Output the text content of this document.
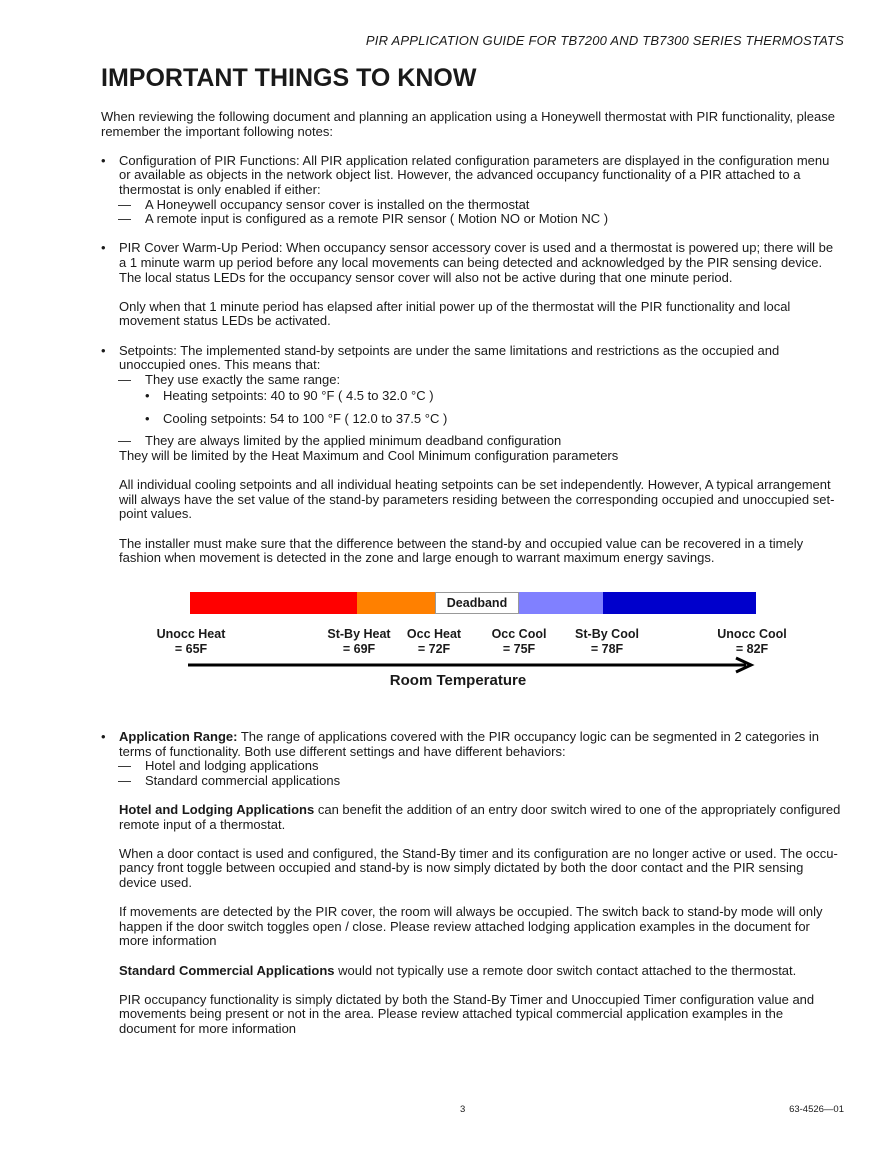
PIR APPLICATION GUIDE FOR TB7200 AND TB7300 SERIES THERMOSTATS
IMPORTANT THINGS TO KNOW

When reviewing the following document and planning an application using a Honeywell thermostat with PIR functionality, please remember the important following notes:

• Configuration of PIR Functions: All PIR application related configuration parameters are displayed in the configuration menu or available as objects in the network object list. However, the advanced occupancy functionality of a PIR attached to a thermostat is only enabled if either:
— A Honeywell occupancy sensor cover is installed on the thermostat
— A remote input is configured as a remote PIR sensor ( Motion NO or Motion NC )
• PIR Cover Warm-Up Period: When occupancy sensor accessory cover is used and a thermostat is powered up; there will be a 1 minute warm up period before any local movements can being detected and acknowledged by the PIR sensing device. The local status LEDs for the occupancy sensor cover will also not be active during that one minute period.
Only when that 1 minute period has elapsed after initial power up of the thermostat will the PIR functionality and local movement status LEDs be activated.
• Setpoints: The implemented stand-by setpoints are under the same limitations and restrictions as the occupied and unoccupied ones. This means that:
— They use exactly the same range:
• Heating setpoints: 40 to 90 °F ( 4.5 to 32.0 °C )
• Cooling setpoints: 54 to 100 °F ( 12.0 to 37.5 °C )
— They are always limited by the applied minimum deadband configuration
They will be limited by the Heat Maximum and Cool Minimum configuration parameters
All individual cooling setpoints and all individual heating setpoints can be set independently. However, A typical arrangement will always have the set value of the stand-by parameters residing between the corresponding occupied and unoccupied set-point values.
The installer must make sure that the difference between the stand-by and occupied value can be recovered in a timely fashion when movement is detected in the zone and large enough to warrant maximum energy savings.
Deadband
Unocc Heat
= 65F
St-By Heat
= 69F
Occ Heat
= 72F
Occ Cool
= 75F
St-By Cool
= 78F
Unocc Cool
= 82F
Room Temperature
• Application Range: The range of applications covered with the PIR occupancy logic can be segmented in 2 categories in terms of functionality. Both use different settings and have different behaviors:
— Hotel and lodging applications
— Standard commercial applications
Hotel and Lodging Applications can benefit the addition of an entry door switch wired to one of the appropriately configured remote input of a thermostat.
When a door contact is used and configured, the Stand-By timer and its configuration are no longer active or used. The occu-pancy front toggle between occupied and stand-by is now simply dictated by both the door contact and the PIR sensing device used.
If movements are detected by the PIR cover, the room will always be occupied. The switch back to stand-by mode will only happen if the door switch toggles open / close. Please review attached lodging application examples in the document for more information
Standard Commercial Applications would not typically use a remote door switch contact attached to the thermostat.
PIR occupancy functionality is simply dictated by both the Stand-By Timer and Unoccupied Timer configuration value and movements being present or not in the area. Please review attached typical commercial application examples in the document for more information
3	63-4526—01
